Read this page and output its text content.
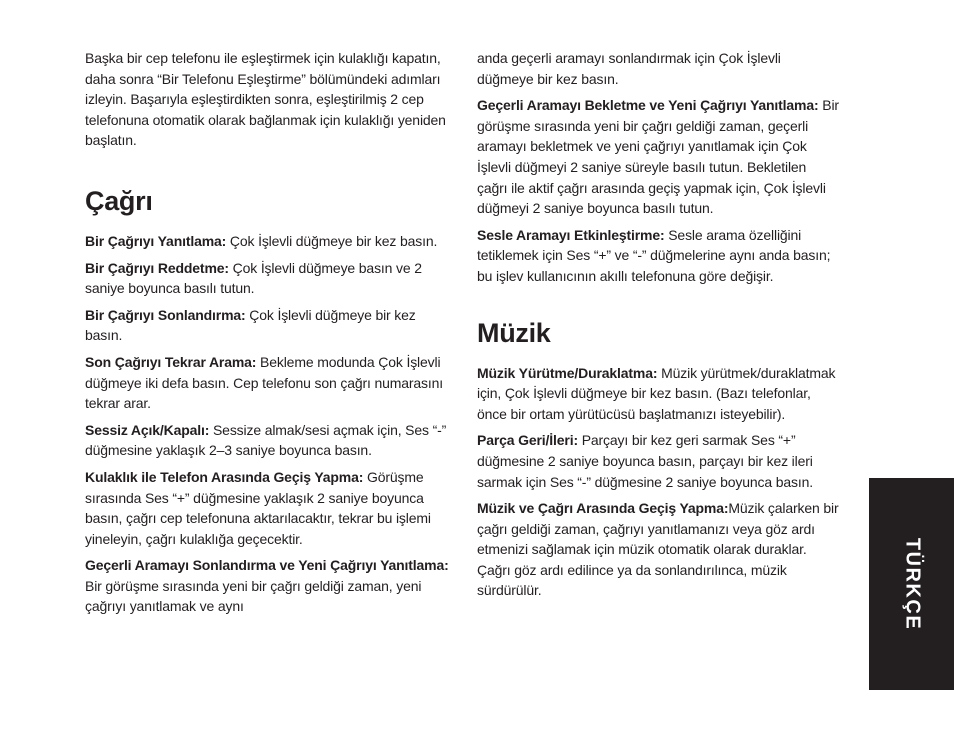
Başka bir cep telefonu ile eşleştirmek için kulaklığı kapatın, daha sonra “Bir Telefonu Eşleştirme” bölümündeki adımları izleyin. Başarıyla eşleştirdikten sonra, eşleştirilmiş 2 cep telefonuna otomatik olarak bağlanmak için kulaklığı yeniden başlatın.

Çağrı

Bir Çağrıyı Yanıtlama: Çok İşlevli düğmeye bir kez basın.

Bir Çağrıyı Reddetme: Çok İşlevli düğmeye basın ve 2 saniye boyunca basılı tutun.

Bir Çağrıyı Sonlandırma: Çok İşlevli düğmeye bir kez basın.

Son Çağrıyı Tekrar Arama: Bekleme modunda Çok İşlevli düğmeye iki defa basın. Cep telefonu son çağrı numarasını tekrar arar.

Sessiz Açık/Kapalı: Sessize almak/sesi açmak için, Ses “-” düğmesine yaklaşık 2–3 saniye boyunca basın.

Kulaklık ile Telefon Arasında Geçiş Yapma: Görüşme sırasında Ses “+” düğmesine yaklaşık 2 saniye boyunca basın, çağrı cep telefonuna aktarılacaktır, tekrar bu işlemi yineleyin, çağrı kulaklığa geçecektir.

Geçerli Aramayı Sonlandırma ve Yeni Çağrıyı Yanıtlama: Bir görüşme sırasında yeni bir çağrı geldiği zaman, yeni çağrıyı yanıtlamak ve aynı

anda geçerli aramayı sonlandırmak için Çok İşlevli düğmeye bir kez basın.

Geçerli Aramayı Bekletme ve Yeni Çağrıyı Yanıtlama: Bir görüşme sırasında yeni bir çağrı geldiği zaman, geçerli aramayı bekletmek ve yeni çağrıyı yanıtlamak için Çok İşlevli düğmeyi 2 saniye süreyle basılı tutun. Bekletilen çağrı ile aktif çağrı arasında geçiş yapmak için, Çok İşlevli düğmeyi 2 saniye boyunca basılı tutun.

Sesle Aramayı Etkinleştirme: Sesle arama özelliğini tetiklemek için Ses “+” ve “-” düğmelerine aynı anda basın; bu işlev kullanıcının akıllı telefonuna göre değişir.

Müzik

Müzik Yürütme/Duraklatma: Müzik yürütmek/duraklatmak için, Çok İşlevli düğmeye bir kez basın. (Bazı telefonlar, önce bir ortam yürütücüsü başlatmanızı isteyebilir).

Parça Geri/İleri: Parçayı bir kez geri sarmak Ses “+” düğmesine 2 saniye boyunca basın, parçayı bir kez ileri sarmak için Ses “-” düğmesine 2 saniye boyunca basın.

Müzik ve Çağrı Arasında Geçiş Yapma:Müzik çalarken bir çağrı geldiği zaman, çağrıyı yanıtlamanızı veya göz ardı etmenizi sağlamak için müzik otomatik olarak duraklar. Çağrı göz ardı edilince ya da sonlandırılınca, müzik sürdürülür.	TÜRKÇE
